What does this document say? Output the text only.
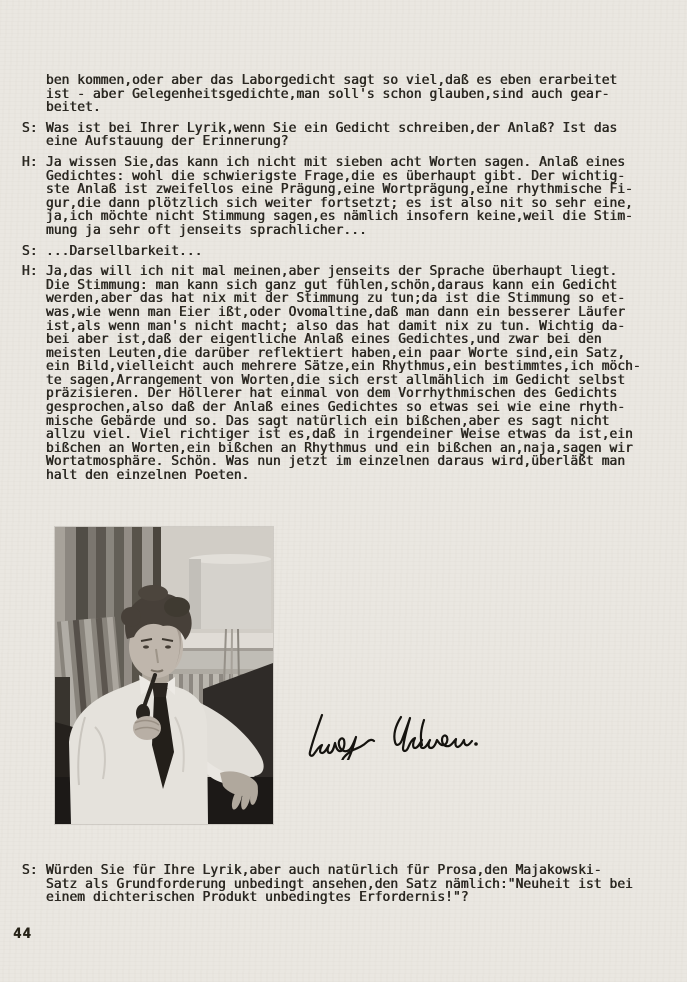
ben kommen,oder aber das Laborgedicht sagt so viel,daß es eben erarbeitet
ist - aber Gelegenheitsgedichte,man soll's schon glauben,sind auch gear-
beitet.
S: Was ist bei Ihrer Lyrik,wenn Sie ein Gedicht schreiben,der Anlaß? Ist das
eine Aufstauung der Erinnerung?
H: Ja wissen Sie,das kann ich nicht mit sieben acht Worten sagen. Anlaß eines
Gedichtes: wohl die schwierigste Frage,die es überhaupt gibt. Der wichtig-
ste Anlaß ist zweifellos eine Prägung,eine Wortprägung,eine rhythmische Fi-
gur,die dann plötzlich sich weiter fortsetzt; es ist also nit so sehr eine,
ja,ich möchte nicht Stimmung sagen,es nämlich insofern keine,weil die Stim-
mung ja sehr oft jenseits sprachlicher...
S: ...Darsellbarkeit...
H: Ja,das will ich nit mal meinen,aber jenseits der Sprache überhaupt liegt.
Die Stimmung: man kann sich ganz gut fühlen,schön,daraus kann ein Gedicht
werden,aber das hat nix mit der Stimmung zu tun;da ist die Stimmung so et-
was,wie wenn man Eier ißt,oder Ovomaltine,daß man dann ein besserer Läufer
ist,als wenn man's nicht macht; also das hat damit nix zu tun. Wichtig da-
bei aber ist,daß der eigentliche Anlaß eines Gedichtes,und zwar bei den
meisten Leuten,die darüber reflektiert haben,ein paar Worte sind,ein Satz,
ein Bild,vielleicht auch mehrere Sätze,ein Rhythmus,ein bestimmtes,ich möch-
te sagen,Arrangement von Worten,die sich erst allmählich im Gedicht selbst
präzisieren. Der Höllerer hat einmal von dem Vorrhythmischen des Gedichts
gesprochen,also daß der Anlaß eines Gedichtes so etwas sei wie eine rhyth-
mische Gebärde und so. Das sagt natürlich ein bißchen,aber es sagt nicht
allzu viel. Viel richtiger ist es,daß in irgendeiner Weise etwas da ist,ein
bißchen an Worten,ein bißchen an Rhythmus und ein bißchen an,naja,sagen wir
Wortatmosphäre. Schön. Was nun jetzt im einzelnen daraus wird,überläßt man
halt den einzelnen Poeten.
S: Würden Sie für Ihre Lyrik,aber auch natürlich für Prosa,den Majakowski-
Satz als Grundforderung unbedingt ansehen,den Satz nämlich:"Neuheit ist bei
einem dichterischen Produkt unbedingtes Erfordernis!"?
44
